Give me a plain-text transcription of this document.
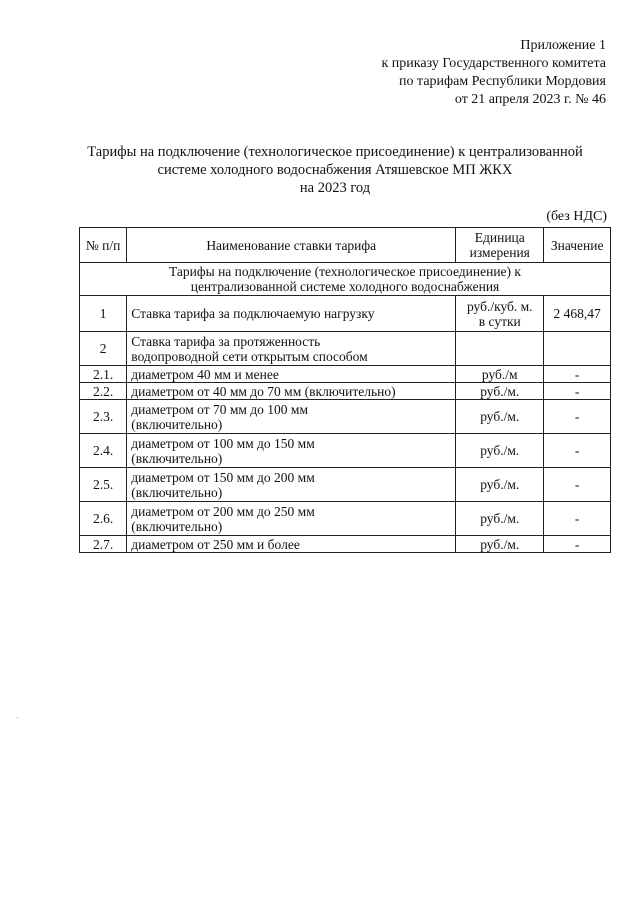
Приложение 1
к приказу Государственного комитета
по тарифам Республики Мордовия
от 21 апреля 2023 г. № 46
Тарифы на подключение (технологическое присоединение) к централизованной
системе холодного водоснабжения Атяшевское МП ЖКХ
на 2023 год
(без НДС)
№ п/п	Наименование ставки тарифа	Единица
измерения	Значение

Тарифы на подключение (технологическое присоединение) к
централизованной системе холодного водоснабжения			

1	Ставка тарифа за подключаемую нагрузку	руб./куб. м.
в сутки	2 468,47
2	Ставка тарифа за протяженность
водопроводной сети открытым способом		

2.1.	диаметром 40 мм и менее	руб./м	-
2.2.	диаметром от 40 мм до 70 мм (включительно)	руб./м.	-
2.3.	диаметром от 70 мм до 100 мм
(включительно)	руб./м.	-
2.4.	диаметром от 100 мм до 150 мм
(включительно)	руб./м.	-
2.5.	диаметром от 150 мм до 200 мм
(включительно)	руб./м.	-
2.6.	диаметром от 200 мм до 250 мм
(включительно)	руб./м.	-
2.7.	диаметром от 250 мм и более	руб./м.	-
